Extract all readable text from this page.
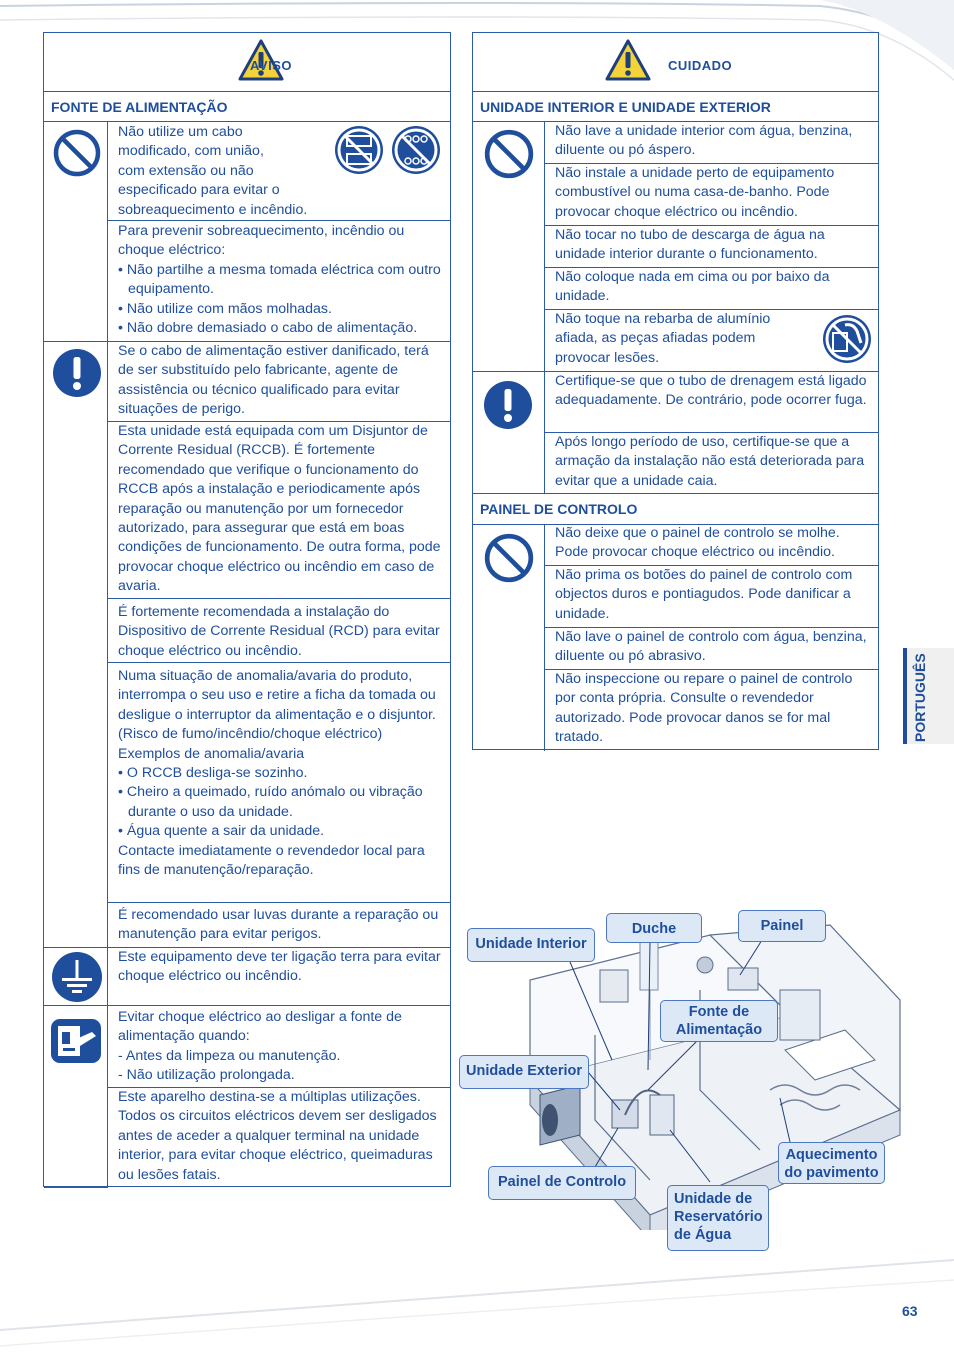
AVISO
FONTE DE ALIMENTAÇÃO

Não utilize um cabo

modificado, com união,

com extensão ou não

especificado para evitar o

sobreaquecimento e incêndio.

Para prevenir sobreaquecimento, incêndio ou choque eléctrico:

• Não partilhe a mesma tomada eléctrica com outro equipamento.

• Não utilize com mãos molhadas.

• Não dobre demasiado o cabo de alimentação.

Se o cabo de alimentação estiver danificado, terá de ser substituído pelo fabricante, agente de assistência ou técnico qualificado para evitar situações de perigo.

Esta unidade está equipada com um Disjuntor de Corrente Residual (RCCB). É fortemente recomendado que verifique o funcionamento do RCCB após a instalação e periodicamente após reparação ou manutenção por um fornecedor autorizado, para assegurar que está em boas condições de funcionamento. De outra forma, pode provocar choque eléctrico ou incêndio em caso de avaria.

É fortemente recomendada a instalação do Dispositivo de Corrente Residual (RCD) para evitar choque eléctrico ou incêndio.

Numa situação de anomalia/avaria do produto, interrompa o seu uso e retire a ficha da tomada ou desligue o interruptor da alimentação e o disjuntor.

(Risco de fumo/incêndio/choque eléctrico)

Exemplos de anomalia/avaria

• O RCCB desliga-se sozinho.

• Cheiro a queimado, ruído anómalo ou vibração durante o uso da unidade.

• Água quente a sair da unidade.

Contacte imediatamente o revendedor local para fins de manutenção/reparação.

É recomendado usar luvas durante a reparação ou manutenção para evitar perigos.

Este equipamento deve ter ligação terra para evitar choque eléctrico ou incêndio.

Evitar choque eléctrico ao desligar a fonte de alimentação quando:

- Antes da limpeza ou manutenção.

- Não utilização prolongada.

Este aparelho destina-se a múltiplas utilizações. Todos os circuitos eléctricos devem ser desligados antes de aceder a qualquer terminal na unidade interior, para evitar choque eléctrico, queimaduras ou lesões fatais.

CUIDADO
UNIDADE INTERIOR E UNIDADE EXTERIOR

Não lave a unidade interior com água, benzina, diluente ou pó áspero.

Não instale a unidade perto de equipamento combustível ou numa casa-de-banho. Pode provocar choque eléctrico ou incêndio.

Não tocar no tubo de descarga de água na unidade interior durante o funcionamento.

Não coloque nada em cima ou por baixo da unidade.

Não toque na rebarba de alumínio

afiada, as peças afiadas podem

provocar lesões.

Certifique-se que o tubo de drenagem está ligado adequadamente. De contrário, pode ocorrer fuga.

Após longo período de uso, certifique-se que a armação da instalação não está deteriorada para evitar que a unidade caia.

PAINEL DE CONTROLO

Não deixe que o painel de controlo se molhe. Pode provocar choque eléctrico ou incêndio.

Não prima os botões do painel de controlo com objectos duros e pontiagudos. Pode danificar a unidade.

Não lave o painel de controlo com água, benzina, diluente ou pó abrasivo.

Não inspeccione ou repare o painel de controlo por conta própria. Consulte o revendedor autorizado. Pode provocar danos se for mal tratado.	PORTUGUÊS
Unidade Interior
Duche	Painel
Fonte de Alimentação
Unidade Exterior
Aquecimento do pavimento
Painel de Controlo
Unidade de Reservatório de Água
63
